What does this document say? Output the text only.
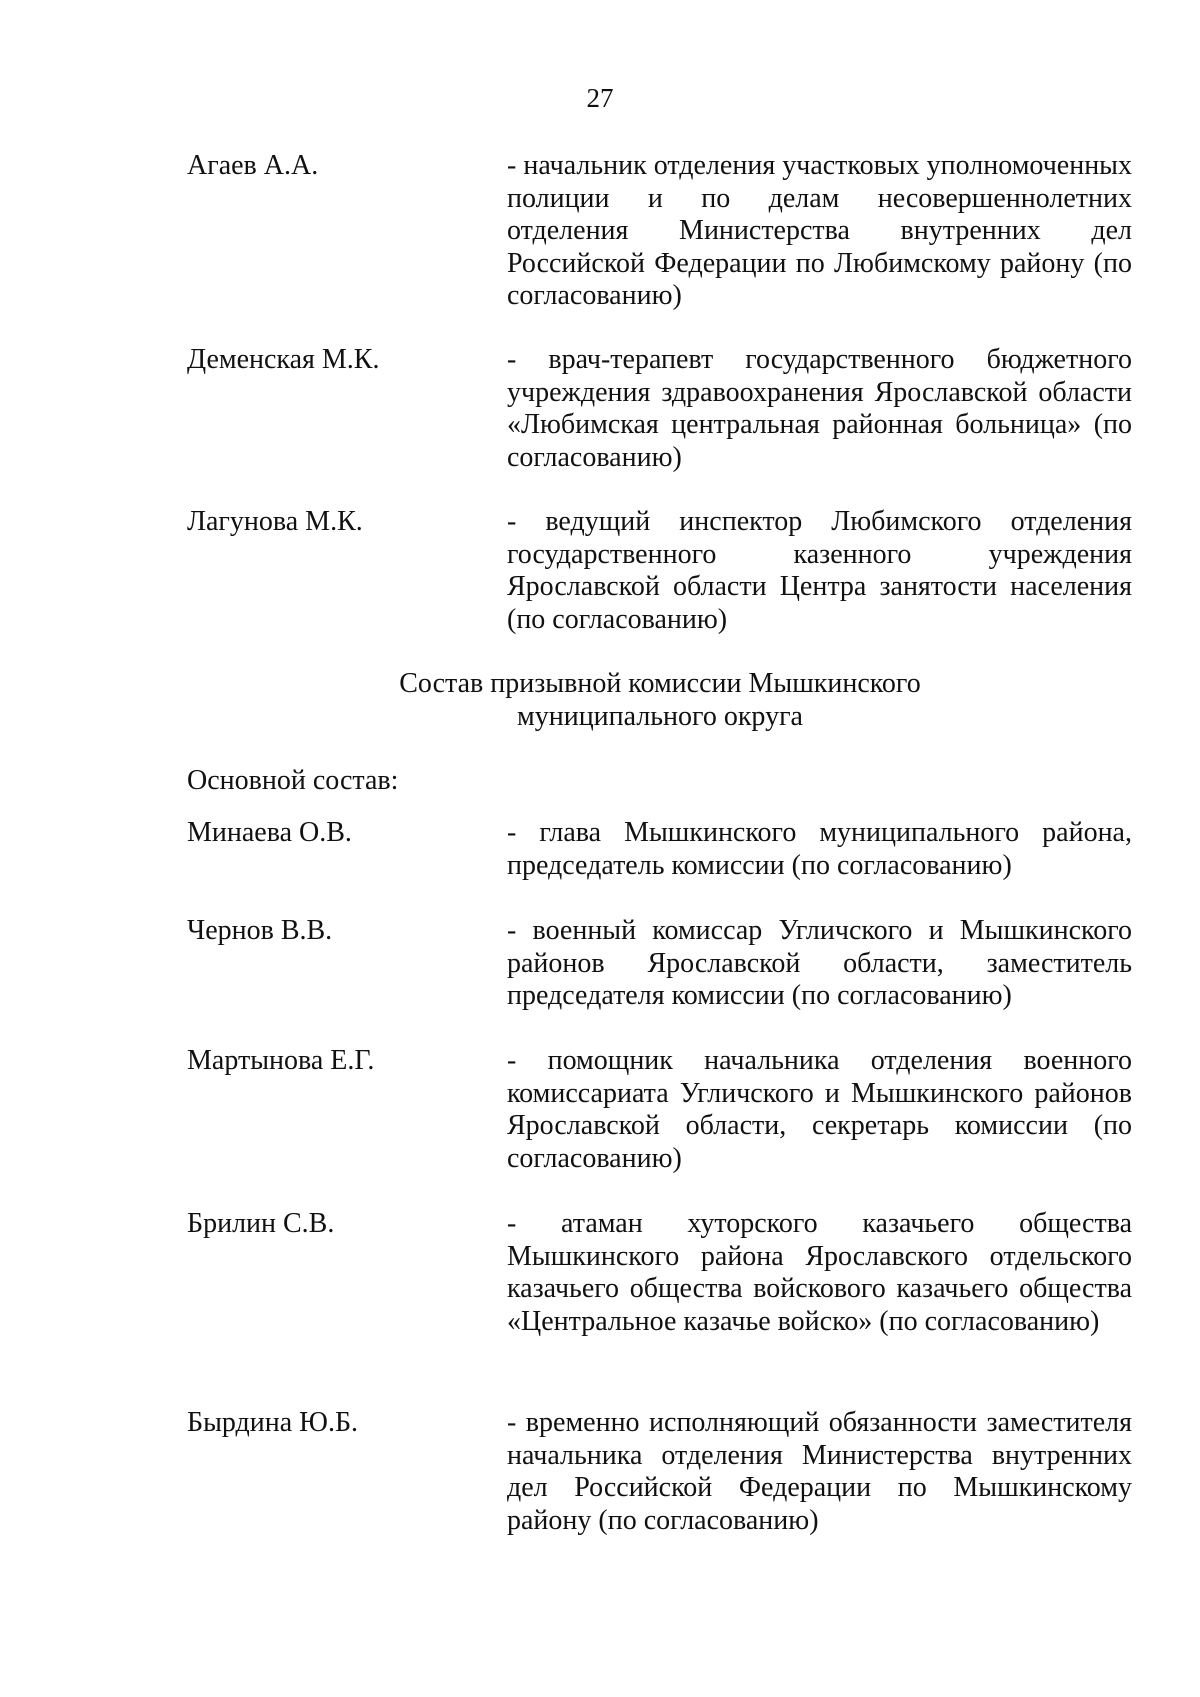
27
Агаев А.А.	- начальник отделения участковых уполномоченных полиции и по делам несовершеннолетних отделения Министерства внутренних дел Российской Федерации по Любимскому району (по согласованию)
Деменская М.К.	- врач-терапевт государственного бюджетного учреждения здравоохранения Ярославской области «Любимская центральная районная больница» (по согласованию)
Лагунова М.К.	- ведущий инспектор Любимского отделения государственного казенного учреждения Ярославской области Центра занятости населения (по согласованию)
Состав призывной комиссии Мышкинского
муниципального округа
Основной состав:
Минаева О.В.	- глава Мышкинского муниципального района, председатель комиссии (по согласованию)
Чернов В.В.	- военный комиссар Угличского и Мышкинского районов Ярославской области, заместитель председателя комиссии (по согласованию)
Мартынова Е.Г.	- помощник начальника отделения военного комиссариата Угличского и Мышкинского районов Ярославской области, секретарь комиссии (по согласованию)
Брилин С.В.	- атаман хуторского казачьего общества Мышкинского района Ярославского отдельского казачьего общества войскового казачьего общества «Центральное казачье войско» (по согласованию)
Бырдина Ю.Б.	- временно исполняющий обязанности заместителя начальника отделения Министерства внутренних дел Российской Федерации по Мышкинскому району (по согласованию)
